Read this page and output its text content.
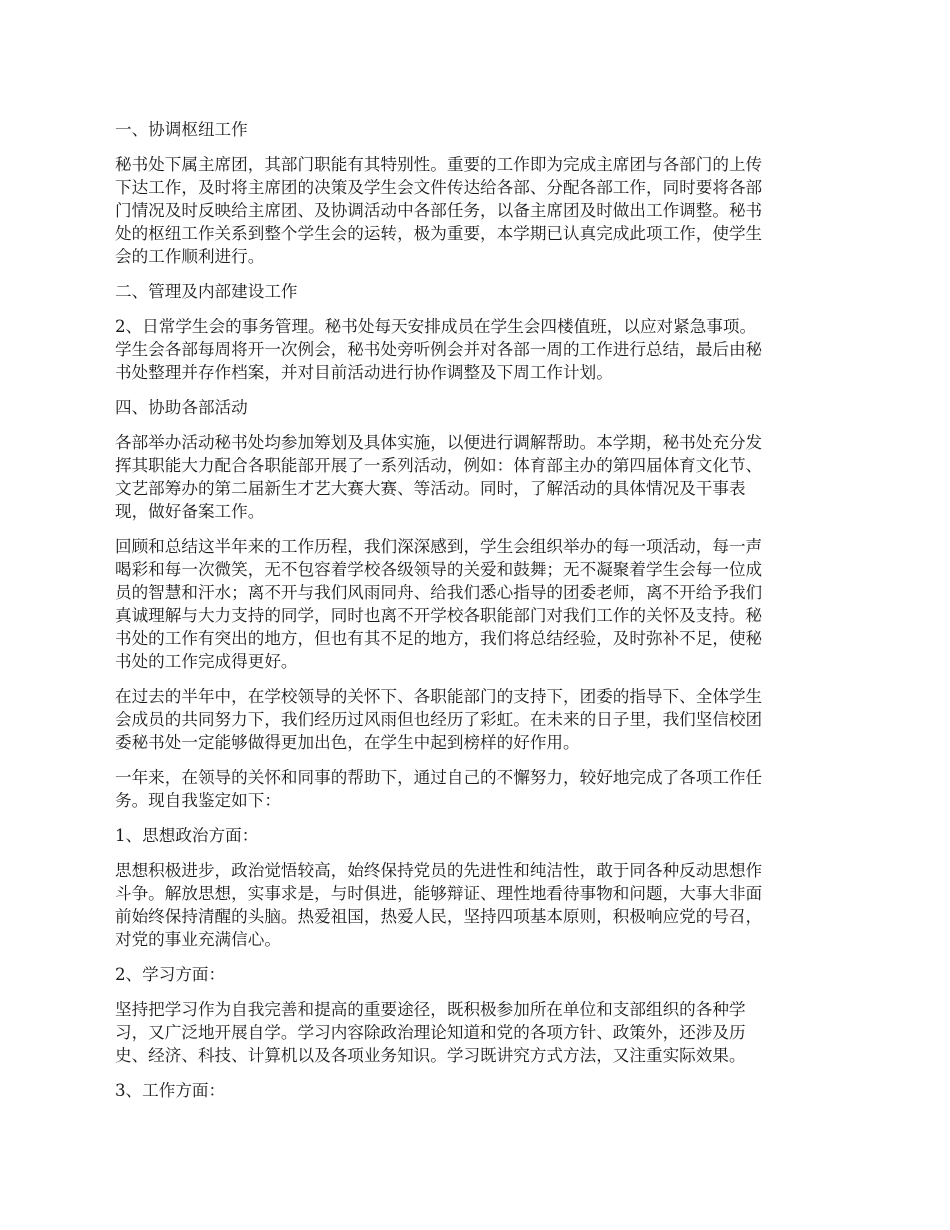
一、协调枢纽工作
秘书处下属主席团，其部门职能有其特别性。重要的工作即为完成主席团与各部门的上传
下达工作，及时将主席团的决策及学生会文件传达给各部、分配各部工作，同时要将各部
门情况及时反映给主席团、及协调活动中各部任务，以备主席团及时做出工作调整。秘书
处的枢纽工作关系到整个学生会的运转，极为重要，本学期已认真完成此项工作，使学生
会的工作顺利进行。
二、管理及内部建设工作
2、日常学生会的事务管理。秘书处每天安排成员在学生会四楼值班，以应对紧急事项。
学生会各部每周将开一次例会，秘书处旁听例会并对各部一周的工作进行总结，最后由秘
书处整理并存作档案，并对目前活动进行协作调整及下周工作计划。
四、协助各部活动
各部举办活动秘书处均参加筹划及具体实施，以便进行调解帮助。本学期，秘书处充分发
挥其职能大力配合各职能部开展了一系列活动，例如：体育部主办的第四届体育文化节、
文艺部筹办的第二届新生才艺大赛大赛、等活动。同时，了解活动的具体情况及干事表
现，做好备案工作。
回顾和总结这半年来的工作历程，我们深深感到，学生会组织举办的每一项活动，每一声
喝彩和每一次微笑，无不包容着学校各级领导的关爱和鼓舞；无不凝聚着学生会每一位成
员的智慧和汗水；离不开与我们风雨同舟、给我们悉心指导的团委老师，离不开给予我们
真诚理解与大力支持的同学，同时也离不开学校各职能部门对我们工作的关怀及支持。秘
书处的工作有突出的地方，但也有其不足的地方，我们将总结经验，及时弥补不足，使秘
书处的工作完成得更好。
在过去的半年中，在学校领导的关怀下、各职能部门的支持下，团委的指导下、全体学生
会成员的共同努力下，我们经历过风雨但也经历了彩虹。在未来的日子里，我们坚信校团
委秘书处一定能够做得更加出色，在学生中起到榜样的好作用。
一年来，在领导的关怀和同事的帮助下，通过自己的不懈努力，较好地完成了各项工作任
务。现自我鉴定如下：
1、思想政治方面：
思想积极进步，政治觉悟较高，始终保持党员的先进性和纯洁性，敢于同各种反动思想作
斗争。解放思想，实事求是，与时俱进，能够辩证、理性地看待事物和问题，大事大非面
前始终保持清醒的头脑。热爱祖国，热爱人民，坚持四项基本原则，积极响应党的号召，
对党的事业充满信心。
2、学习方面：
坚持把学习作为自我完善和提高的重要途径，既积极参加所在单位和支部组织的各种学
习，又广泛地开展自学。学习内容除政治理论知道和党的各项方针、政策外，还涉及历
史、经济、科技、计算机以及各项业务知识。学习既讲究方式方法，又注重实际效果。
3、工作方面：
